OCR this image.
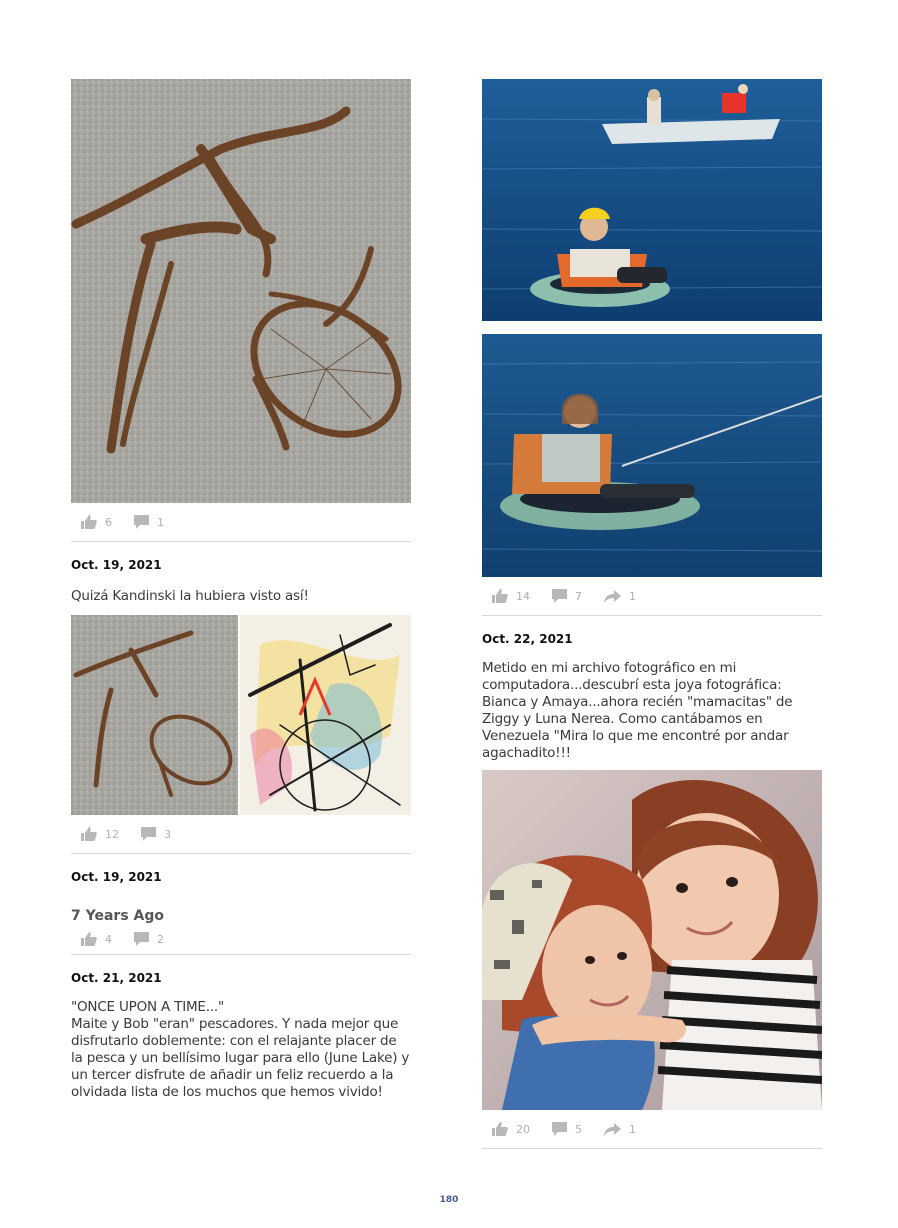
6	1
Oct. 19, 2021
Quizá Kandinski la hubiera visto así!
12	3
Oct. 19, 2021
7 Years Ago
4	2
Oct. 21, 2021
"ONCE UPON A TIME..."
Maite y Bob "eran" pescadores. Y nada mejor que disfrutarlo doblemente: con el relajante placer de la pesca y un bellísimo lugar para ello (June Lake) y un tercer disfrute de añadir un feliz recuerdo a la olvidada lista de los muchos que hemos vivido!
14	7	1
Oct. 22, 2021
Metido en mi archivo fotográfico en mi computadora...descubrí esta joya fotográfica: Bianca y Amaya...ahora recién "mamacitas" de Ziggy y Luna Nerea. Como cantábamos en Venezuela "Mira lo que me encontré por andar agachadito!!!
20	5	1
180
